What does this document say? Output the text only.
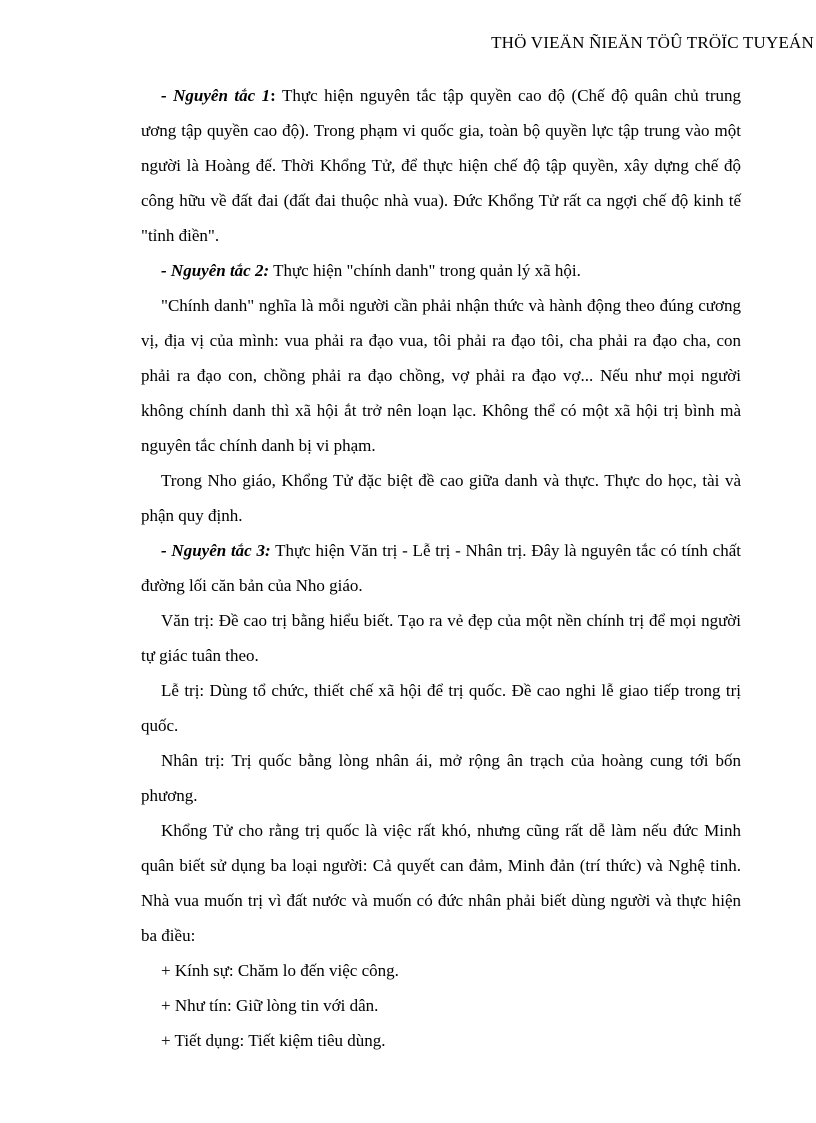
THÖ VIEÄN ÑIEÄN TÖÛ TRÖÏC TUYEÁN

- Nguyên tắc 1: Thực hiện nguyên tắc tập quyền cao độ (Chế độ quân chủ trung ương tập quyền cao độ). Trong phạm vi quốc gia, toàn bộ quyền lực tập trung vào một người là Hoàng đế. Thời Khổng Tử, để thực hiện chế độ tập quyền, xây dựng chế độ công hữu về đất đai (đất đai thuộc nhà vua). Đức Khổng Tử rất ca ngợi chế độ kinh tế "tỉnh điền".

- Nguyên tắc 2: Thực hiện "chính danh" trong quản lý xã hội.

"Chính danh" nghĩa là mỗi người cần phải nhận thức và hành động theo đúng cương vị, địa vị của mình: vua phải ra đạo vua, tôi phải ra đạo tôi, cha phải ra đạo cha, con phải ra đạo con, chồng phải ra đạo chồng, vợ phải ra đạo vợ... Nếu như mọi người không chính danh thì xã hội ắt trở nên loạn lạc. Không thể có một xã hội trị bình mà nguyên tắc chính danh bị vi phạm.

Trong Nho giáo, Khổng Tử đặc biệt đề cao giữa danh và thực. Thực do học, tài và phận quy định.

- Nguyên tắc 3: Thực hiện Văn trị - Lễ trị - Nhân trị. Đây là nguyên tắc có tính chất đường lối căn bản của Nho giáo.

Văn trị: Đề cao trị bằng hiểu biết. Tạo ra vẻ đẹp của một nền chính trị để mọi người tự giác tuân theo.

Lễ trị: Dùng tổ chức, thiết chế xã hội để trị quốc. Đề cao nghi lễ giao tiếp trong trị quốc.

Nhân trị: Trị quốc bằng lòng nhân ái, mở rộng ân trạch của hoàng cung tới bốn phương.

Khổng Tử cho rằng trị quốc là việc rất khó, nhưng cũng rất dễ làm nếu đức Minh quân biết sử dụng ba loại người: Cả quyết can đảm, Minh đản (trí thức) và Nghệ tinh. Nhà vua muốn trị vì đất nước và muốn có đức nhân phải biết dùng người và thực hiện ba điều:

+ Kính sự: Chăm lo đến việc công.

+ Như tín: Giữ lòng tin với dân.

+ Tiết dụng: Tiết kiệm tiêu dùng.
